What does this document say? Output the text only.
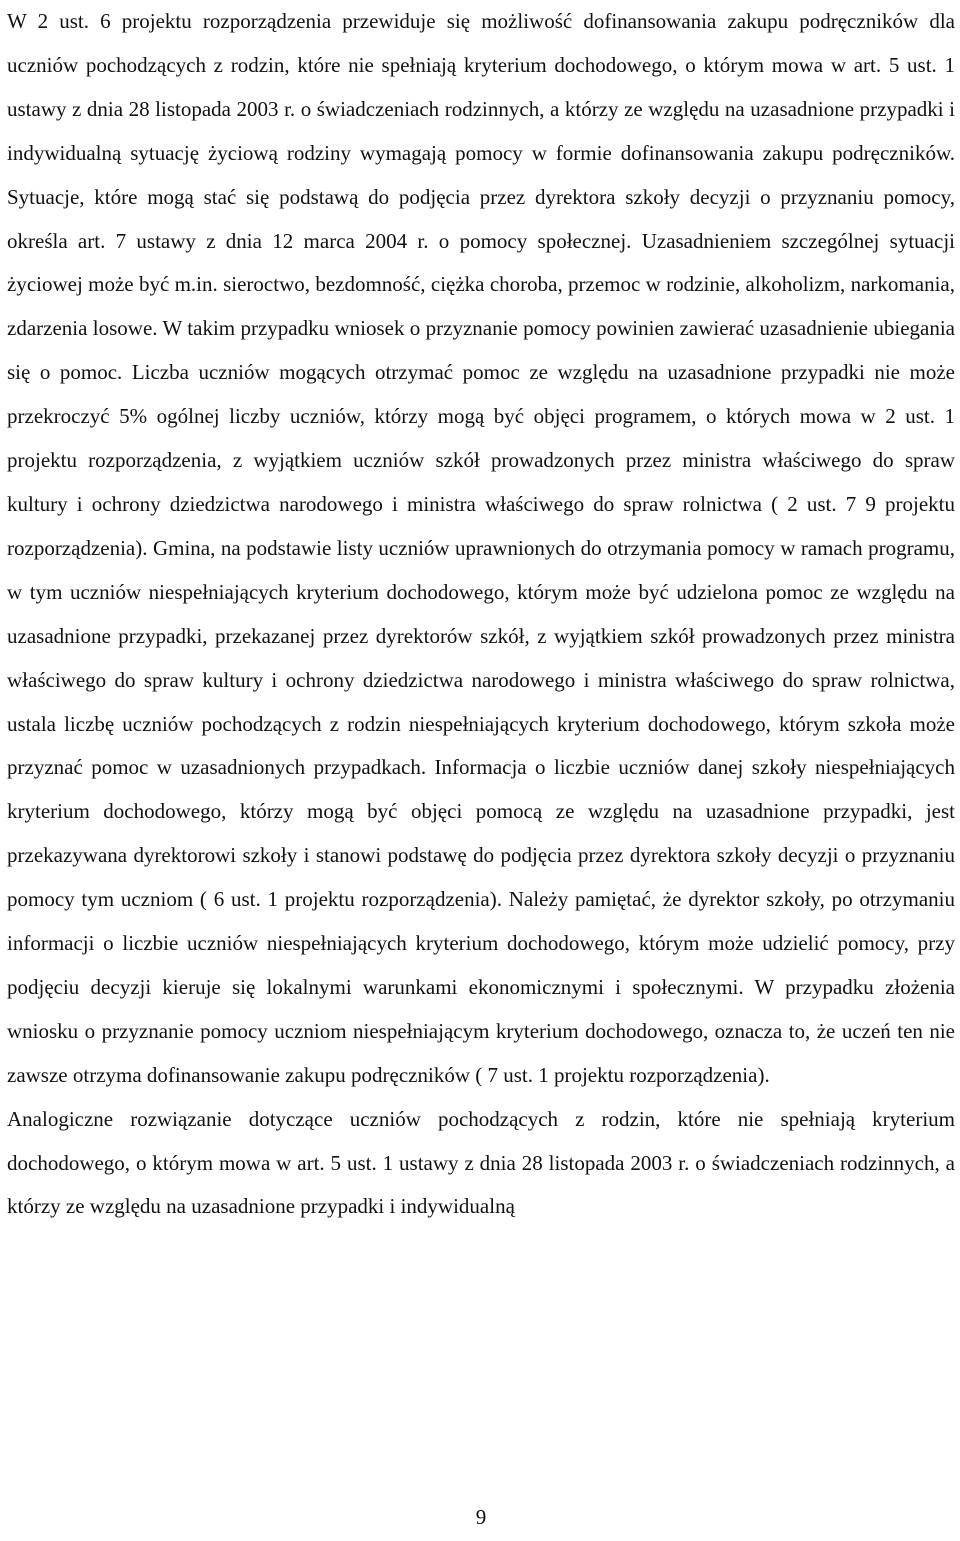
W 2 ust. 6 projektu rozporządzenia przewiduje się możliwość dofinansowania zakupu podręczników dla uczniów pochodzących z rodzin, które nie spełniają kryterium dochodowego, o którym mowa w art. 5 ust. 1 ustawy z dnia 28 listopada 2003 r. o świadczeniach rodzinnych, a którzy ze względu na uzasadnione przypadki i indywidualną sytuację życiową rodziny wymagają pomocy w formie dofinansowania zakupu podręczników. Sytuacje, które mogą stać się podstawą do podjęcia przez dyrektora szkoły decyzji o przyznaniu pomocy, określa art. 7 ustawy z dnia 12 marca 2004 r. o pomocy społecznej. Uzasadnieniem szczególnej sytuacji życiowej może być m.in. sieroctwo, bezdomność, ciężka choroba, przemoc w rodzinie, alkoholizm, narkomania, zdarzenia losowe. W takim przypadku wniosek o przyznanie pomocy powinien zawierać uzasadnienie ubiegania się o pomoc. Liczba uczniów mogących otrzymać pomoc ze względu na uzasadnione przypadki nie może przekroczyć 5% ogólnej liczby uczniów, którzy mogą być objęci programem, o których mowa w 2 ust. 1 projektu rozporządzenia, z wyjątkiem uczniów szkół prowadzonych przez ministra właściwego do spraw kultury i ochrony dziedzictwa narodowego i ministra właściwego do spraw rolnictwa ( 2 ust. 7 9 projektu rozporządzenia). Gmina, na podstawie listy uczniów uprawnionych do otrzymania pomocy w ramach programu, w tym uczniów niespełniających kryterium dochodowego, którym może być udzielona pomoc ze względu na uzasadnione przypadki, przekazanej przez dyrektorów szkół, z wyjątkiem szkół prowadzonych przez ministra właściwego do spraw kultury i ochrony dziedzictwa narodowego i ministra właściwego do spraw rolnictwa, ustala liczbę uczniów pochodzących z rodzin niespełniających kryterium dochodowego, którym szkoła może przyznać pomoc w uzasadnionych przypadkach. Informacja o liczbie uczniów danej szkoły niespełniających kryterium dochodowego, którzy mogą być objęci pomocą ze względu na uzasadnione przypadki, jest przekazywana dyrektorowi szkoły i stanowi podstawę do podjęcia przez dyrektora szkoły decyzji o przyznaniu pomocy tym uczniom ( 6 ust. 1 projektu rozporządzenia). Należy pamiętać, że dyrektor szkoły, po otrzymaniu informacji o liczbie uczniów niespełniających kryterium dochodowego, którym może udzielić pomocy, przy podjęciu decyzji kieruje się lokalnymi warunkami ekonomicznymi i społecznymi. W przypadku złożenia wniosku o przyznanie pomocy uczniom niespełniającym kryterium dochodowego, oznacza to, że uczeń ten nie zawsze otrzyma dofinansowanie zakupu podręczników ( 7 ust. 1 projektu rozporządzenia).

Analogiczne rozwiązanie dotyczące uczniów pochodzących z rodzin, które nie spełniają kryterium dochodowego, o którym mowa w art. 5 ust. 1 ustawy z dnia 28 listopada 2003 r. o świadczeniach rodzinnych, a którzy ze względu na uzasadnione przypadki i indywidualną

9
